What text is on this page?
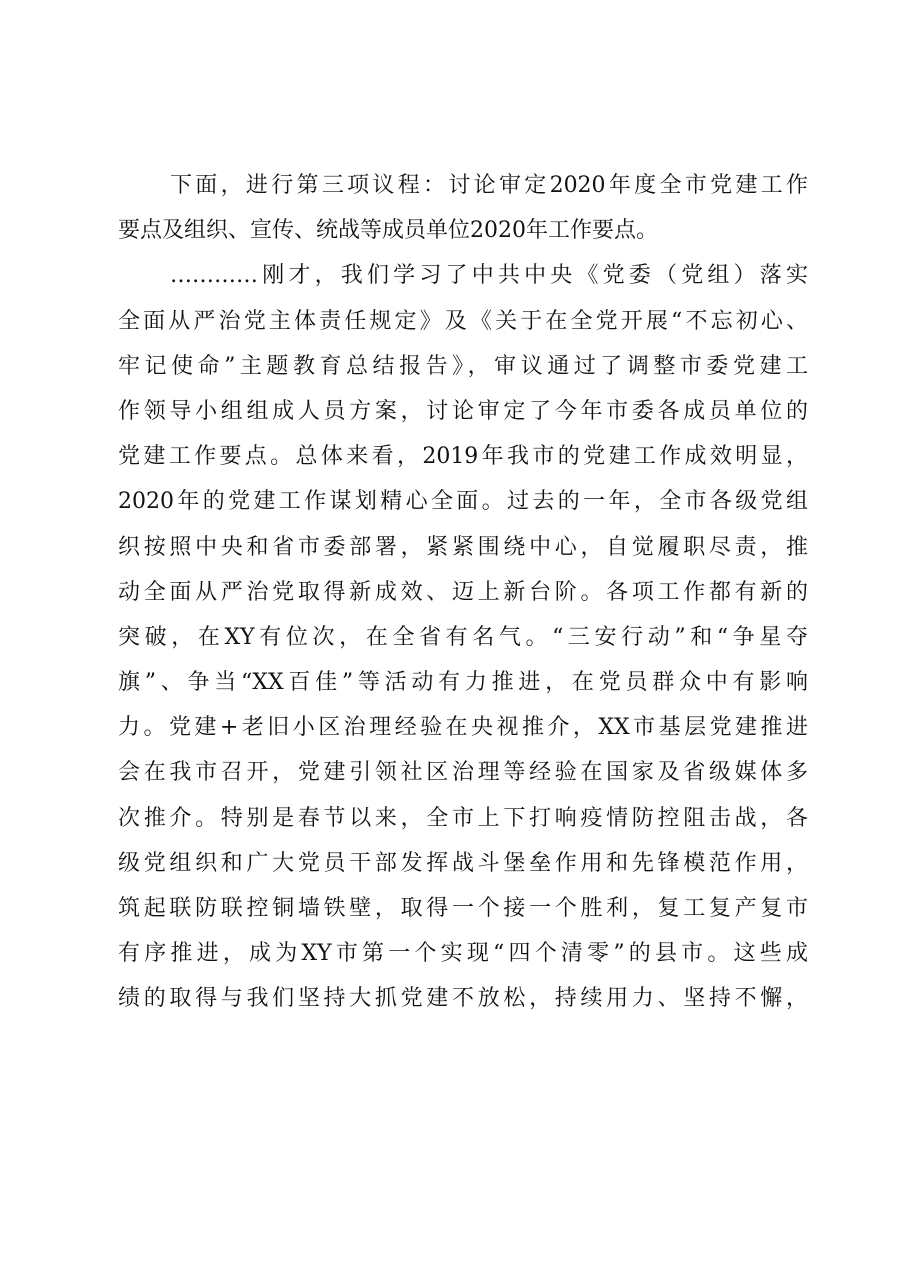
下面，进行第三项议程：讨论审定2020年度全市党建工作
要点及组织、宣传、统战等成员单位2020年工作要点。
…………刚才，我们学习了中共中央《党委（党组）落实
全面从严治党主体责任规定》及《关于在全党开展“不忘初心、
牢记使命”主题教育总结报告》，审议通过了调整市委党建工
作领导小组组成人员方案，讨论审定了今年市委各成员单位的
党建工作要点。总体来看，2019年我市的党建工作成效明显，
2020年的党建工作谋划精心全面。过去的一年，全市各级党组
织按照中央和省市委部署，紧紧围绕中心，自觉履职尽责，推
动全面从严治党取得新成效、迈上新台阶。各项工作都有新的
突破，在XY有位次，在全省有名气。“三安行动”和“争星夺
旗”、争当“XX百佳”等活动有力推进，在党员群众中有影响
力。党建+老旧小区治理经验在央视推介，XX市基层党建推进
会在我市召开，党建引领社区治理等经验在国家及省级媒体多
次推介。特别是春节以来，全市上下打响疫情防控阻击战，各
级党组织和广大党员干部发挥战斗堡垒作用和先锋模范作用，
筑起联防联控铜墙铁壁，取得一个接一个胜利，复工复产复市
有序推进，成为XY市第一个实现“四个清零”的县市。这些成
绩的取得与我们坚持大抓党建不放松，持续用力、坚持不懈，
